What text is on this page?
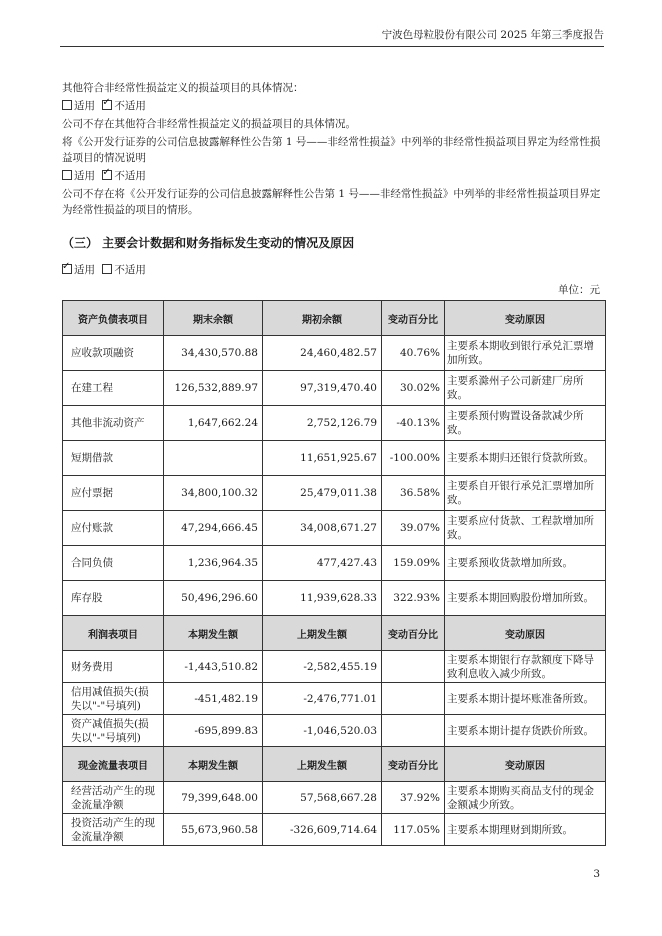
宁波色母粒股份有限公司 2025 年第三季度报告
其他符合非经常性损益定义的损益项目的具体情况：
适用 ✓ 不适用
公司不存在其他符合非经常性损益定义的损益项目的具体情况。
将《公开发行证券的公司信息披露解释性公告第 1 号——非经常性损益》中列举的非经常性损益项目界定为经常性损益项目的情况说明
适用 ✓ 不适用
公司不存在将《公开发行证券的公司信息披露解释性公告第 1 号——非经常性损益》中列举的非经常性损益项目界定为经常性损益的项目的情形。
（三） 主要会计数据和财务指标发生变动的情况及原因
✓适用 不适用
单位：元
资产负债表项目	期末余额	期初余额	变动百分比	变动原因
应收款项融资	34,430,570.88	24,460,482.57	40.76%	主要系本期收到银行承兑汇票增加所致。
在建工程	126,532,889.97	97,319,470.40	30.02%	主要系滁州子公司新建厂房所致。
其他非流动资产	1,647,662.24	2,752,126.79	-40.13%	主要系预付购置设备款减少所致。
短期借款		11,651,925.67	-100.00%	主要系本期归还银行贷款所致。
应付票据	34,800,100.32	25,479,011.38	36.58%	主要系自开银行承兑汇票增加所致。
应付账款	47,294,666.45	34,008,671.27	39.07%	主要系应付货款、工程款增加所致。
合同负债	1,236,964.35	477,427.43	159.09%	主要系预收货款增加所致。
库存股	50,496,296.60	11,939,628.33	322.93%	主要系本期回购股份增加所致。
利润表项目	本期发生额	上期发生额	变动百分比	变动原因
财务费用	-1,443,510.82	-2,582,455.19		主要系本期银行存款额度下降导致利息收入减少所致。
信用减值损失(损失以"-"号填列)	-451,482.19	-2,476,771.01		主要系本期计提坏账准备所致。
资产减值损失(损失以"-"号填列)	-695,899.83	-1,046,520.03		主要系本期计提存货跌价所致。
现金流量表项目	本期发生额	上期发生额	变动百分比	变动原因
经营活动产生的现金流量净额	79,399,648.00	57,568,667.28	37.92%	主要系本期购买商品支付的现金金额减少所致。
投资活动产生的现金流量净额	55,673,960.58	-326,609,714.64	117.05%	主要系本期理财到期所致。
3
